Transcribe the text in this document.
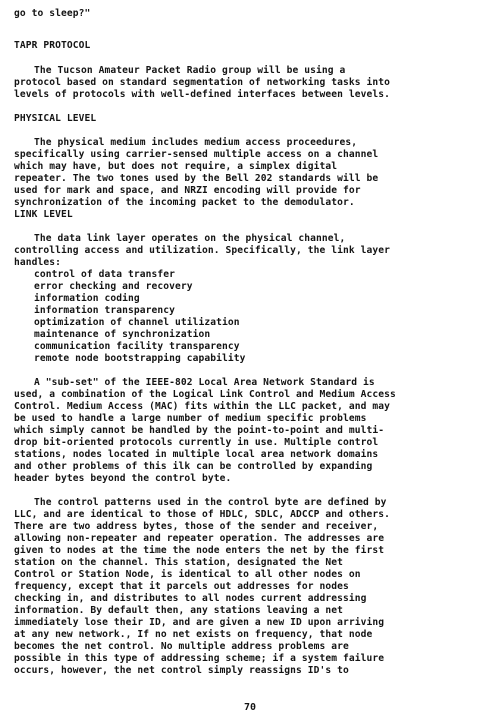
go to sleep?"
TAPR PROTOCOL
The Tucson Amateur Packet Radio group will be using a
protocol based on standard segmentation of networking tasks into
levels of protocols with well-defined interfaces between levels.
PHYSICAL LEVEL
The physical medium includes medium access proceedures,
specifically using carrier-sensed multiple access on a channel
which may have, but does not require, a simplex digital
repeater. The two tones used by the Bell 202 standards will be
used for mark and space, and NRZI encoding will provide for
synchronization of the incoming packet to the demodulator.
LINK LEVEL
The data link layer operates on the physical channel,
controlling access and utilization. Specifically, the link layer
handles:
control of data transfer
error checking and recovery
information coding
information transparency
optimization of channel utilization
maintenance of synchronization
communication facility transparency
remote node bootstrapping capability
A "sub-set" of the IEEE-802 Local Area Network Standard is
used, a combination of the Logical Link Control and Medium Access
Control. Medium Access (MAC) fits within the LLC packet, and may
be used to handle a large number of medium specific problems
which simply cannot be handled by the point-to-point and multi-
drop bit-oriented protocols currently in use. Multiple control
stations, nodes located in multiple local area network domains
and other problems of this ilk can be controlled by expanding
header bytes beyond the control byte.
The control patterns used in the control byte are defined by
LLC, and are identical to those of HDLC, SDLC, ADCCP and others.
There are two address bytes, those of the sender and receiver,
allowing non-repeater and repeater operation. The addresses are
given to nodes at the time the node enters the net by the first
station on the channel. This station, designated the Net
Control or Station Node, is identical to all other nodes on
frequency, except that it parcels out addresses for nodes
checking in, and distributes to all nodes current addressing
information. By default then, any stations leaving a net
immediately lose their ID, and are given a new ID upon arriving
at any new network., If no net exists on frequency, that node
becomes the net control. No multiple address problems are
possible in this type of addressing scheme; if a system failure
occurs, however, the net control simply reassigns ID's to
70
